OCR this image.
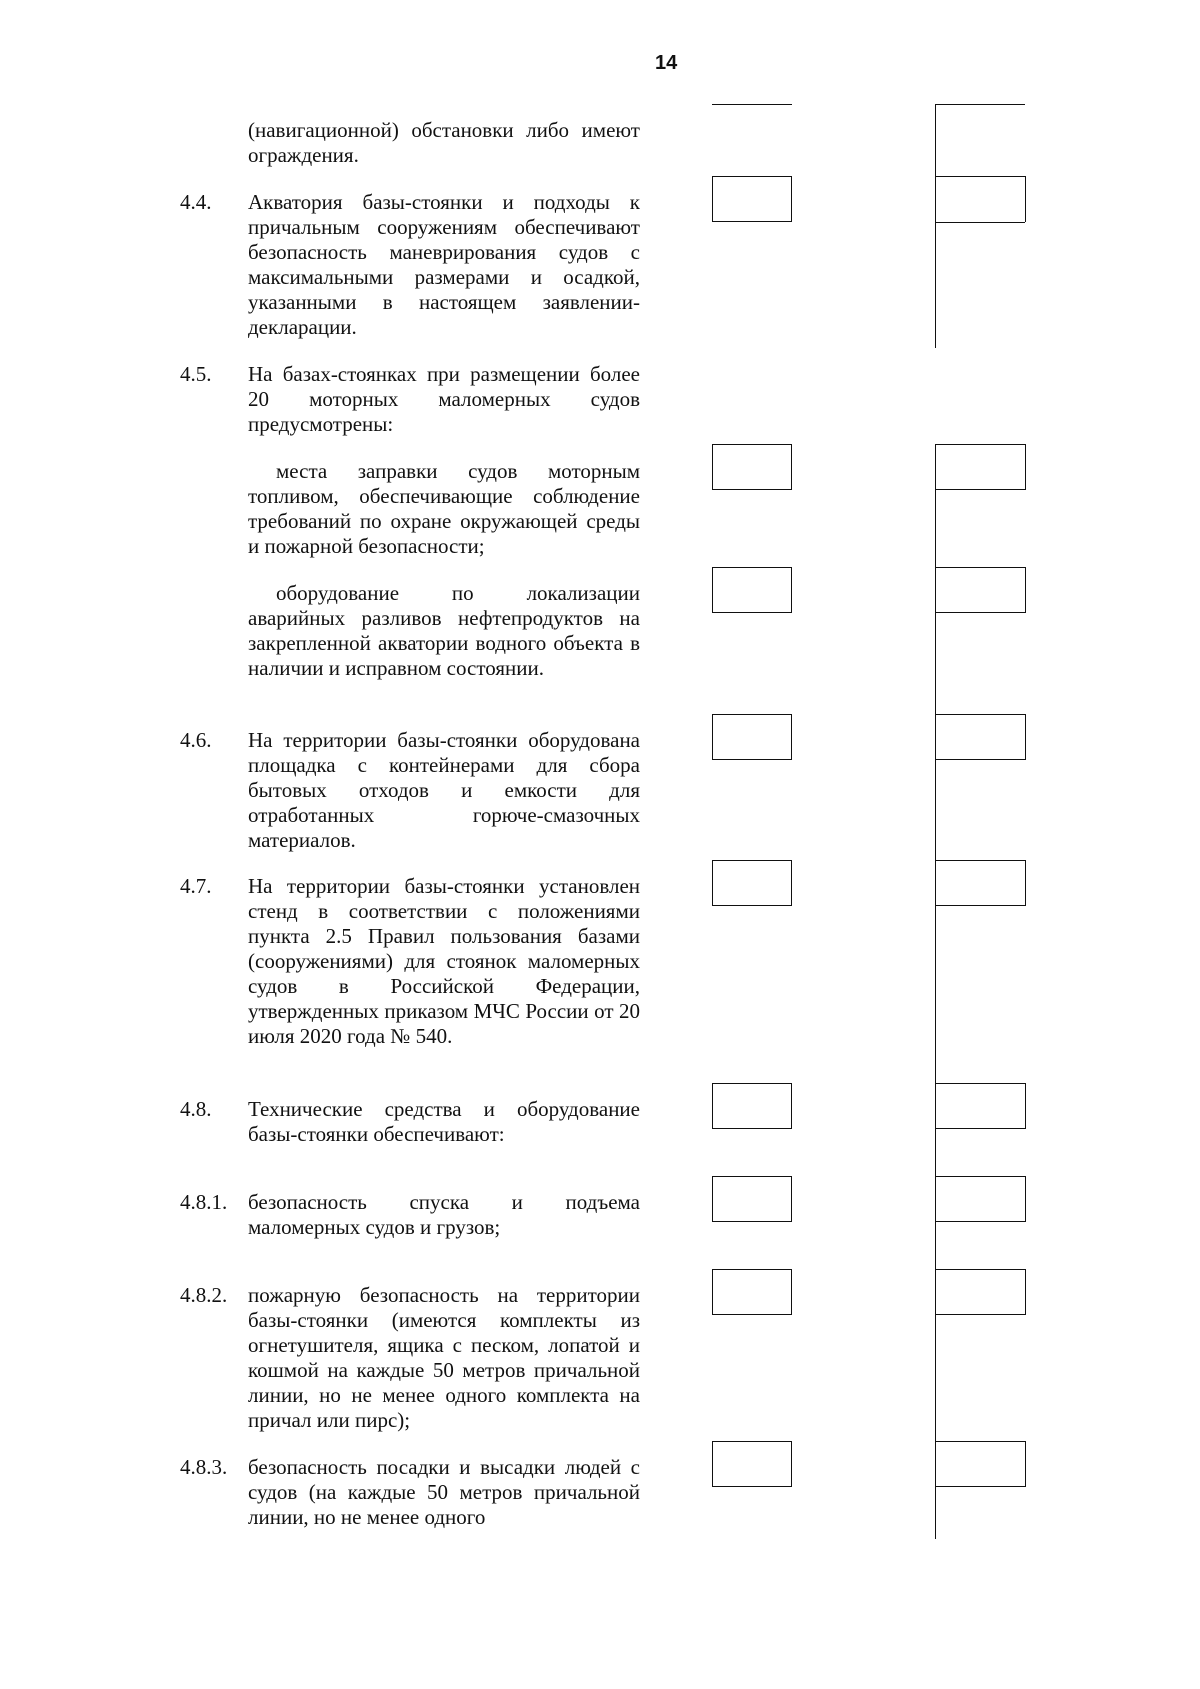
14
(навигационной) обстановки либо имеют ограждения.
4.4. Акватория базы-стоянки и подходы к причальным сооружениям обеспечивают безопасность маневрирования судов с максимальными размерами и осадкой, указанными в настоящем заявлении-декларации.
4.5. На базах-стоянках при размещении более 20 моторных маломерных судов предусмотрены:
места заправки судов моторным топливом, обеспечивающие соблюдение требований по охране окружающей среды и пожарной безопасности;
оборудование по локализации аварийных разливов нефтепродуктов на закрепленной акватории водного объекта в наличии и исправном состоянии.
4.6. На территории базы-стоянки оборудована площадка с контейнерами для сбора бытовых отходов и емкости для отработанных горюче-смазочных материалов.
4.7. На территории базы-стоянки установлен стенд в соответствии с положениями пункта 2.5 Правил пользования базами (сооружениями) для стоянок маломерных судов в Российской Федерации, утвержденных приказом МЧС России от 20 июля 2020 года № 540.
4.8. Технические средства и оборудование базы-стоянки обеспечивают:
4.8.1. безопасность спуска и подъема маломерных судов и грузов;
4.8.2. пожарную безопасность на территории базы-стоянки (имеются комплекты из огнетушителя, ящика с песком, лопатой и кошмой на каждые 50 метров причальной линии, но не менее одного комплекта на причал или пирс);
4.8.3. безопасность посадки и высадки людей с судов (на каждые 50 метров причальной линии, но не менее одного
